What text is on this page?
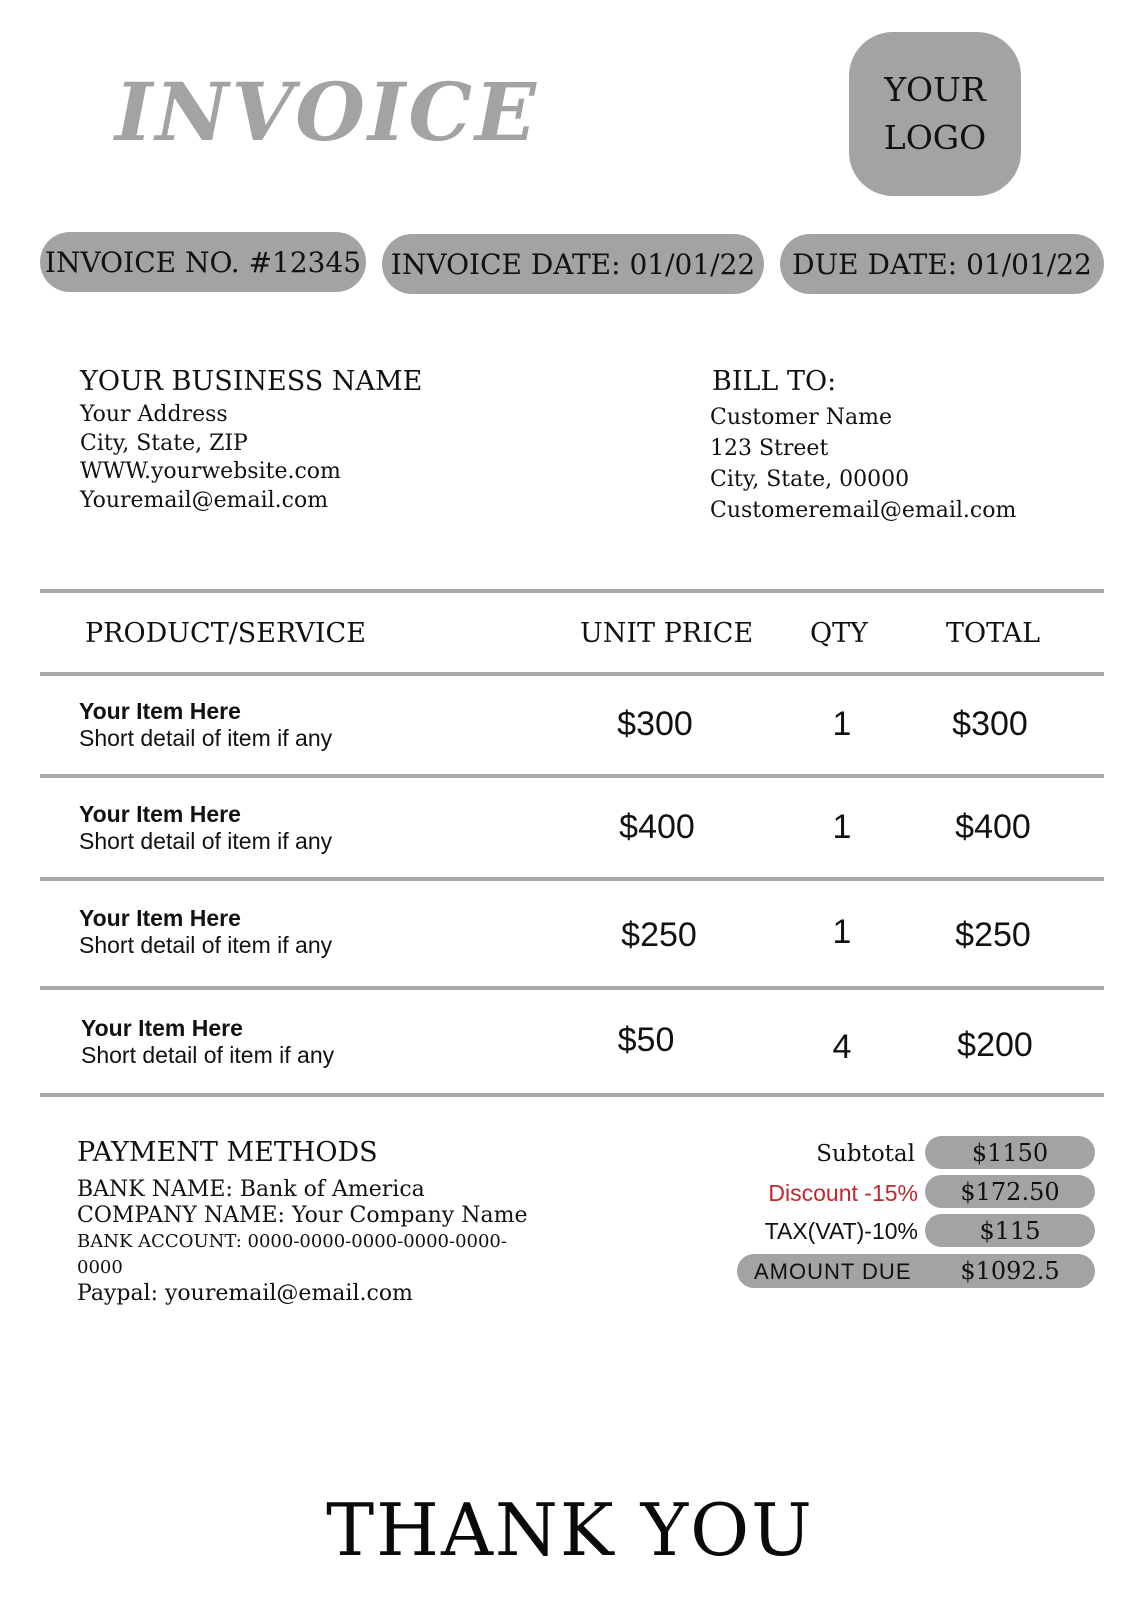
INVOICE	YOUR
LOGO
INVOICE NO. #12345	INVOICE DATE: 01/01/22	DUE DATE: 01/01/22
YOUR BUSINESS NAME
Your Address
City, State, ZIP
WWW.yourwebsite.com
Youremail@email.com
BILL TO:
Customer Name
123 Street
City, State, 00000
Customeremail@email.com
PRODUCT/SERVICE	UNIT PRICE QTY	TOTAL
Your Item Here
Short detail of item if any	$300	1	$300
Your Item Here
Short detail of item if any	$400	1	$400
Your Item Here
Short detail of item if any	$250	1	$250
Your Item Here
Short detail of item if any	$50	4	$200
PAYMENT METHODS
BANK NAME: Bank of America
COMPANY NAME: Your Company Name
BANK ACCOUNT: 0000-0000-0000-0000-0000-
0000
Paypal: youremail@email.com
Subtotal	$1150
Discount -15%	$172.50
TAX(VAT)-10%	$115
AMOUNT DUE	$1092.5
THANK YOU
